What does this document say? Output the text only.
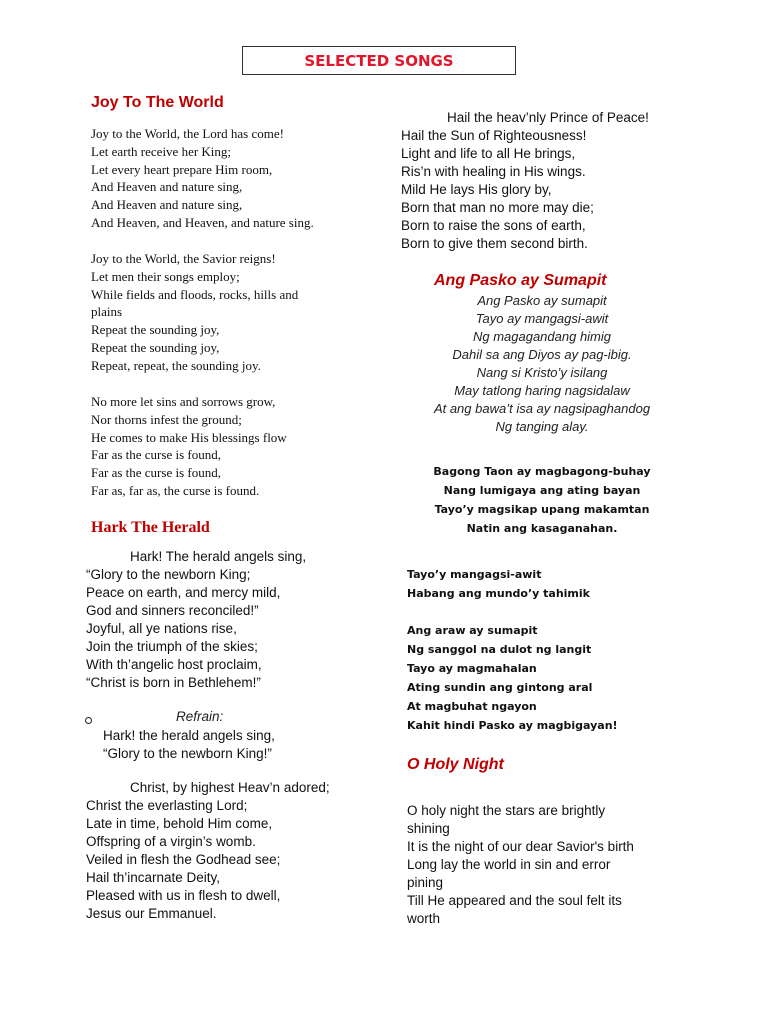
SELECTED SONGS
Joy To The World
Joy to the World, the Lord has come!
Let earth receive her King;
Let every heart prepare Him room,
And Heaven and nature sing,
And Heaven and nature sing,
And Heaven, and Heaven, and nature sing.
Joy to the World, the Savior reigns!
Let men their songs employ;
While fields and floods, rocks, hills and
plains
Repeat the sounding joy,
Repeat the sounding joy,
Repeat, repeat, the sounding joy.
No more let sins and sorrows grow,
Nor thorns infest the ground;
He comes to make His blessings flow
Far as the curse is found,
Far as the curse is found,
Far as, far as, the curse is found.
Hark The Herald
Hark! The herald angels sing,
“Glory to the newborn King;
Peace on earth, and mercy mild,
God and sinners reconciled!”
Joyful, all ye nations rise,
Join the triumph of the skies;
With th’angelic host proclaim,
“Christ is born in Bethlehem!”
Refrain:
Hark! the herald angels sing,
“Glory to the newborn King!”
Christ, by highest Heav’n adored;
Christ the everlasting Lord;
Late in time, behold Him come,
Offspring of a virgin’s womb.
Veiled in flesh the Godhead see;
Hail th’incarnate Deity,
Pleased with us in flesh to dwell,
Jesus our Emmanuel.
Hail the heav’nly Prince of Peace!
Hail the Sun of Righteousness!
Light and life to all He brings,
Ris’n with healing in His wings.
Mild He lays His glory by,
Born that man no more may die;
Born to raise the sons of earth,
Born to give them second birth.
Ang Pasko ay Sumapit
Ang Pasko ay sumapit
Tayo ay mangagsi-awit
Ng magagandang himig
Dahil sa ang Diyos ay pag-ibig.
Nang si Kristo’y isilang
May tatlong haring nagsidalaw
At ang bawa’t isa ay nagsipaghandog
Ng tanging alay.
Bagong Taon ay magbagong-buhay
Nang lumigaya ang ating bayan
Tayo’y magsikap upang makamtan
Natin ang kasaganahan.
Tayo’y mangagsi-awit
Habang ang mundo’y tahimik
Ang araw ay sumapit
Ng sanggol na dulot ng langit
Tayo ay magmahalan
Ating sundin ang gintong aral
At magbuhat ngayon
Kahit hindi Pasko ay magbigayan!
O Holy Night
O holy night the stars are brightly
shining
It is the night of our dear Savior's birth
Long lay the world in sin and error
pining
Till He appeared and the soul felt its
worth
